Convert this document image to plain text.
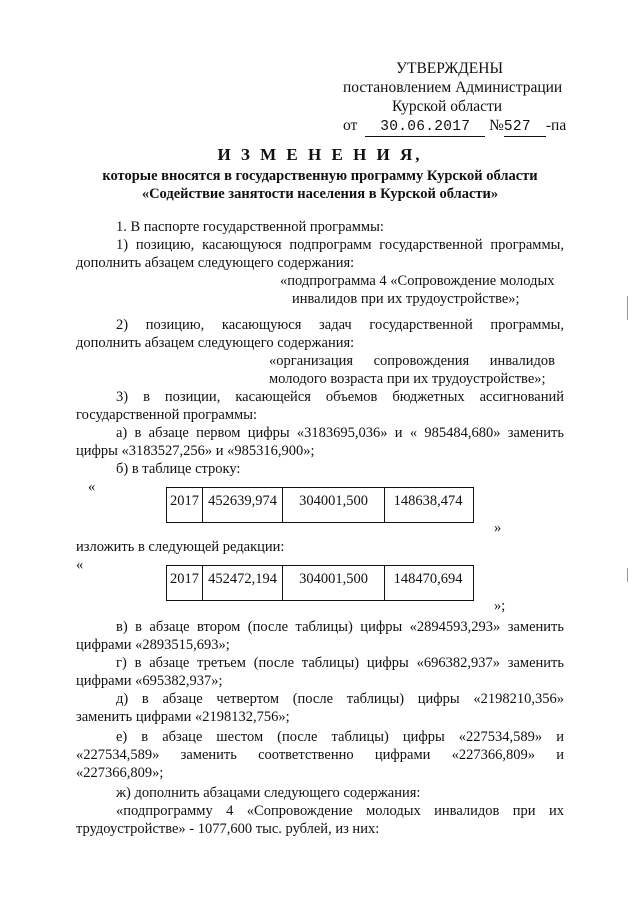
УТВЕРЖДЕНЫ
постановлением Администрации
Курской области
от 30.06.2017 №527 -па
И З М Е Н Е Н И Я,
которые вносятся в государственную программу Курской области
«Содействие занятости населения в Курской области»
1. В паспорте государственной программы:
1) позицию, касающуюся подпрограмм государственной программы,
дополнить абзацем следующего содержания:
«подпрограмма 4 «Сопровождение молодых
инвалидов при их трудоустройстве»;
2) позицию, касающуюся задач государственной программы,
дополнить абзацем следующего содержания:
«организация сопровождения инвалидов
молодого возраста при их трудоустройстве»;
3) в позиции, касающейся объемов бюджетных ассигнований
государственной программы:
а) в абзаце первом цифры «3183695,036» и « 985484,680» заменить
цифры «3183527,256» и «985316,900»;
б) в таблице строку:
«
2017 452639,974	304001,500	148638,474
»
изложить в следующей редакции:
«
2017 452472,194	304001,500	148470,694
»;
в) в абзаце втором (после таблицы) цифры «2894593,293» заменить
цифрами «2893515,693»;
г) в абзаце третьем (после таблицы) цифры «696382,937» заменить
цифрами «695382,937»;
д) в абзаце четвертом (после таблицы) цифры «2198210,356»
заменить цифрами «2198132,756»;
е) в абзаце шестом (после таблицы) цифры «227534,589» и
«227534,589» заменить соответственно цифрами «227366,809» и
«227366,809»;
ж) дополнить абзацами следующего содержания:
«подпрограмму 4 «Сопровождение молодых инвалидов при их
трудоустройстве» - 1077,600 тыс. рублей, из них:
